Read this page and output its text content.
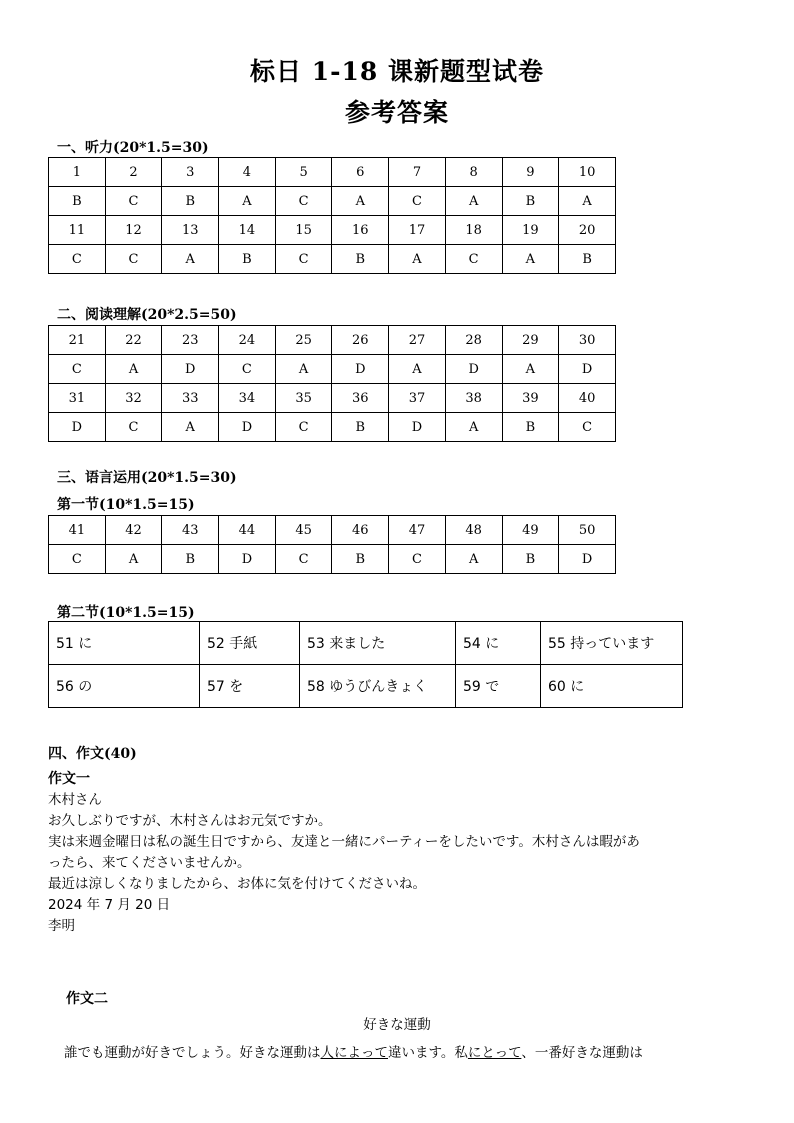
标日 1-18 课新题型试卷
参考答案
一、听力(20*1.5=30)
1	2	3	4	5	6	7	8	9	10
B	C	B	A	C	A	C	A	B	A
11	12	13	14	15	16	17	18	19	20
C	C	A	B	C	B	A	C	A	B
二、阅读理解(20*2.5=50)
21	22	23	24	25	26	27	28	29	30
C	A	D	C	A	D	A	D	A	D
31	32	33	34	35	36	37	38	39	40
D	C	A	D	C	B	D	A	B	C
三、语言运用(20*1.5=30)
第一节(10*1.5=15)
41	42	43	44	45	46	47	48	49	50
C	A	B	D	C	B	C	A	B	D
第二节(10*1.5=15)
51 に	52 手紙	53 来ました	54 に	55 持っています
56 の	57 を	58 ゆうびんきょく	59 で	60 に
四、作文(40)
作文一
木村さん
お久しぶりですが、木村さんはお元気ですか。
実は来週金曜日は私の誕生日ですから、友達と一緒にパーティーをしたいです。木村さんは暇があ
ったら、来てくださいませんか。
最近は涼しくなりましたから、お体に気を付けてくださいね。
2024 年 7 月 20 日
李明
作文二
好きな運動
誰でも運動が好きでしょう。好きな運動は人によって違います。私にとって、一番好きな運動は
